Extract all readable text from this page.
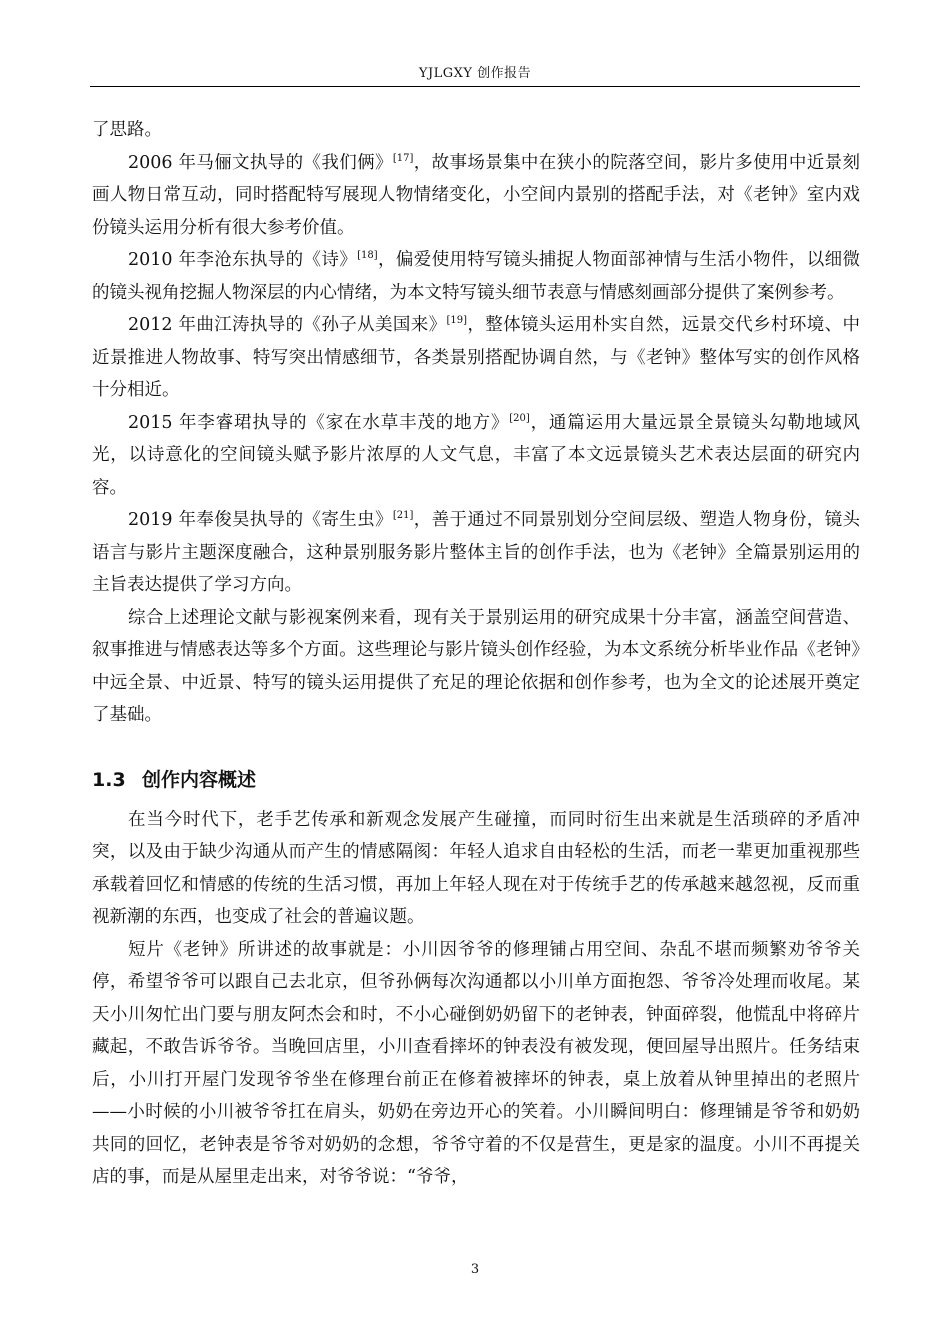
YJLGXY 创作报告

了思路。

2006 年马俪文执导的《我们俩》[17]，故事场景集中在狭小的院落空间，影片多使用中近景刻画人物日常互动，同时搭配特写展现人物情绪变化，小空间内景别的搭配手法，对《老钟》室内戏份镜头运用分析有很大参考价值。

2010 年李沧东执导的《诗》[18]，偏爱使用特写镜头捕捉人物面部神情与生活小物件，以细微的镜头视角挖掘人物深层的内心情绪，为本文特写镜头细节表意与情感刻画部分提供了案例参考。

2012 年曲江涛执导的《孙子从美国来》[19]，整体镜头运用朴实自然，远景交代乡村环境、中近景推进人物故事、特写突出情感细节，各类景别搭配协调自然，与《老钟》整体写实的创作风格十分相近。

2015 年李睿珺执导的《家在水草丰茂的地方》[20]，通篇运用大量远景全景镜头勾勒地域风光，以诗意化的空间镜头赋予影片浓厚的人文气息，丰富了本文远景镜头艺术表达层面的研究内容。

2019 年奉俊昊执导的《寄生虫》[21]，善于通过不同景别划分空间层级、塑造人物身份，镜头语言与影片主题深度融合，这种景别服务影片整体主旨的创作手法，也为《老钟》全篇景别运用的主旨表达提供了学习方向。

综合上述理论文献与影视案例来看，现有关于景别运用的研究成果十分丰富，涵盖空间营造、叙事推进与情感表达等多个方面。这些理论与影片镜头创作经验，为本文系统分析毕业作品《老钟》中远全景、中近景、特写的镜头运用提供了充足的理论依据和创作参考，也为全文的论述展开奠定了基础。

1.3 创作内容概述

在当今时代下，老手艺传承和新观念发展产生碰撞，而同时衍生出来就是生活琐碎的矛盾冲突，以及由于缺少沟通从而产生的情感隔阂：年轻人追求自由轻松的生活，而老一辈更加重视那些承载着回忆和情感的传统的生活习惯，再加上年轻人现在对于传统手艺的传承越来越忽视，反而重视新潮的东西，也变成了社会的普遍议题。

短片《老钟》所讲述的故事就是：小川因爷爷的修理铺占用空间、杂乱不堪而频繁劝爷爷关停，希望爷爷可以跟自己去北京，但爷孙俩每次沟通都以小川单方面抱怨、爷爷冷处理而收尾。某天小川匆忙出门要与朋友阿杰会和时，不小心碰倒奶奶留下的老钟表，钟面碎裂，他慌乱中将碎片藏起，不敢告诉爷爷。当晚回店里，小川查看摔坏的钟表没有被发现，便回屋导出照片。任务结束后，小川打开屋门发现爷爷坐在修理台前正在修着被摔坏的钟表，桌上放着从钟里掉出的老照片——小时候的小川被爷爷扛在肩头，奶奶在旁边开心的笑着。小川瞬间明白：修理铺是爷爷和奶奶共同的回忆，老钟表是爷爷对奶奶的念想，爷爷守着的不仅是营生，更是家的温度。小川不再提关店的事，而是从屋里走出来，对爷爷说：“爷爷，

3
